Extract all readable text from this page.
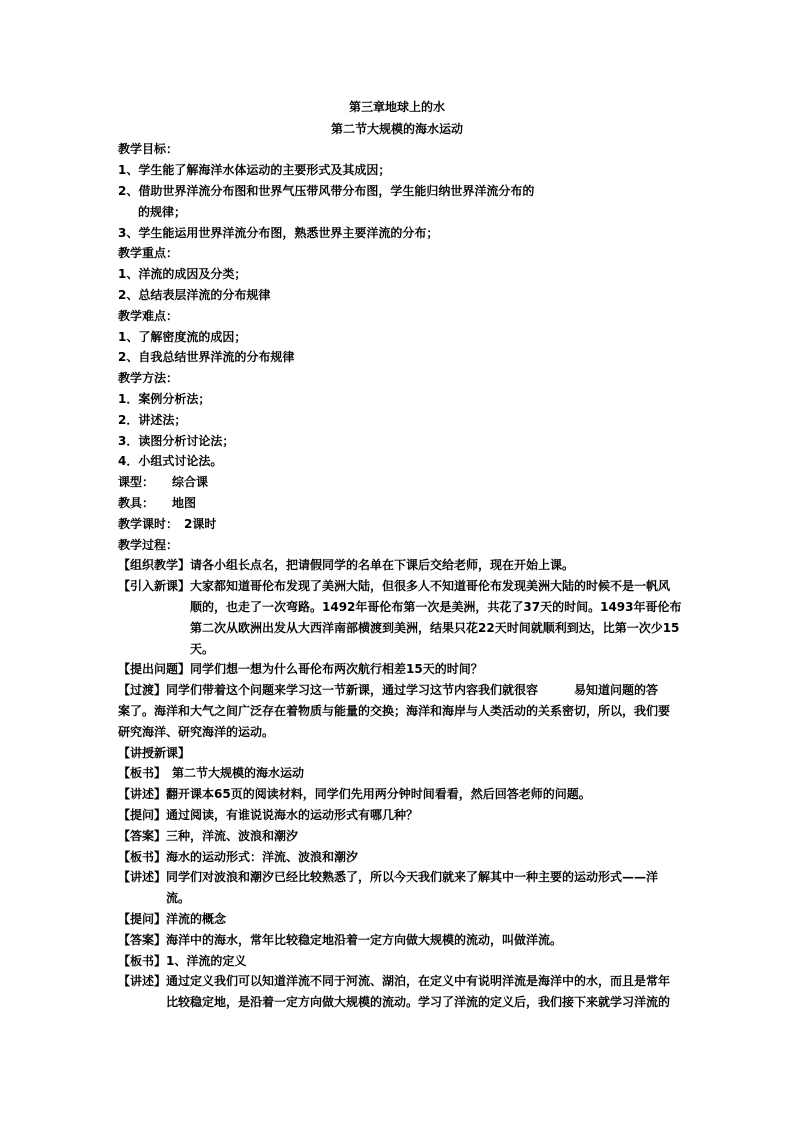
第三章地球上的水
第二节大规模的海水运动
教学目标：
1、学生能了解海洋水体运动的主要形式及其成因；
2、借助世界洋流分布图和世界气压带风带分布图，学生能归纳世界洋流分布的
的规律；
3、学生能运用世界洋流分布图，熟悉世界主要洋流的分布；
教学重点：
1、洋流的成因及分类；
2、总结表层洋流的分布规律
教学难点：
1、了解密度流的成因；
2、自我总结世界洋流的分布规律
教学方法：
1．案例分析法；
2．讲述法；
3．读图分析讨论法；
4．小组式讨论法。
课型：　　综合课
教具：　　地图
教学课时：　2课时
教学过程：
【组织教学】请各小组长点名，把请假同学的名单在下课后交给老师，现在开始上课。
【引入新课】大家都知道哥伦布发现了美洲大陆，但很多人不知道哥伦布发现美洲大陆的时候不是一帆风
顺的，也走了一次弯路。1492年哥伦布第一次是美洲，共花了37天的时间。1493年哥伦布
第二次从欧洲出发从大西洋南部横渡到美洲，结果只花22天时间就顺利到达，比第一次少15
天。
【提出问题】同学们想一想为什么哥伦布两次航行相差15天的时间？
【过渡】同学们带着这个问题来学习这一节新课，通过学习这节内容我们就很容　　　易知道问题的答
案了。海洋和大气之间广泛存在着物质与能量的交换；海洋和海岸与人类活动的关系密切，所以，我们要
研究海洋、研究海洋的运动。
【讲授新课】
【板书】　第二节大规模的海水运动
【讲述】翻开课本65页的阅读材料，同学们先用两分钟时间看看，然后回答老师的问题。
【提问】通过阅读，有谁说说海水的运动形式有哪几种？
【答案】三种，洋流、波浪和潮汐
【板书】海水的运动形式：洋流、波浪和潮汐
【讲述】同学们对波浪和潮汐已经比较熟悉了，所以今天我们就来了解其中一种主要的运动形式——洋
流。
【提问】洋流的概念
【答案】海洋中的海水，常年比较稳定地沿着一定方向做大规模的流动，叫做洋流。
【板书】1、洋流的定义
【讲述】通过定义我们可以知道洋流不同于河流、湖泊，在定义中有说明洋流是海洋中的水，而且是常年
比较稳定地，是沿着一定方向做大规模的流动。学习了洋流的定义后，我们接下来就学习洋流的
